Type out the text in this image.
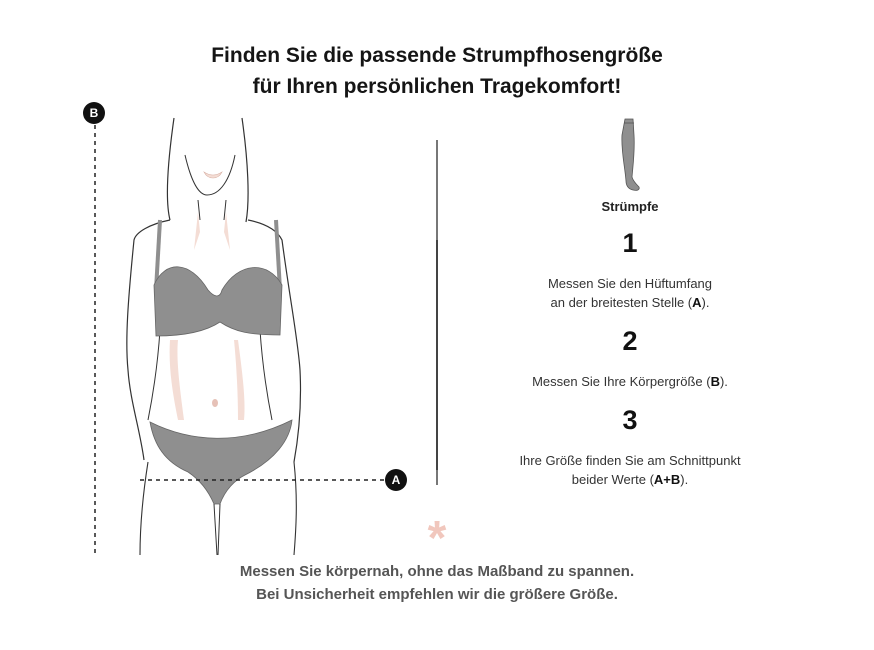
Finden Sie die passende Strumpfhosengröße
für Ihren persönlichen Tragekomfort!
B
A
Strümpfe
1
Messen Sie den Hüftumfang
an der breitesten Stelle (A).
2
Messen Sie Ihre Körpergröße (B).
3
Ihre Größe finden Sie am Schnittpunkt
beider Werte (A+B).
*
Messen Sie körpernah, ohne das Maßband zu spannen.
Bei Unsicherheit empfehlen wir die größere Größe.
